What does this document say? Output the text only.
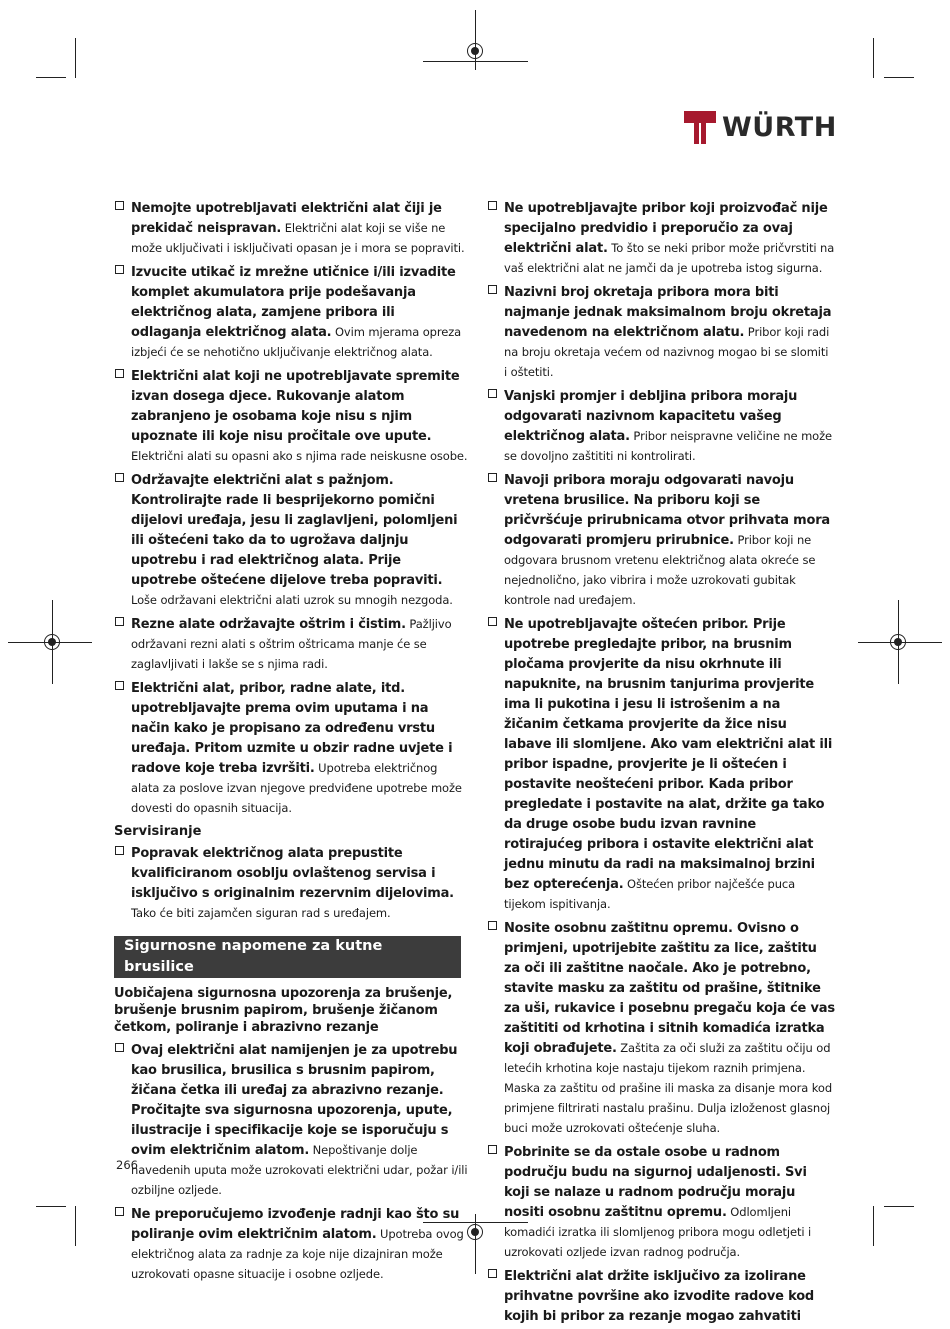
WÜRTH

Nemojte upotrebljavati električni alat čiji je prekidač neispravan. Električni alat koji se više ne može uključivati i isključivati opasan je i mora se popraviti.

Izvucite utikač iz mrežne utičnice i/ili izvadite komplet akumulatora prije podešavanja električnog alata, zamjene pribora ili odlaganja električnog alata. Ovim mjerama opreza izbjeći će se nehotično uključivanje električnog alata.

Električni alat koji ne upotrebljavate spremite izvan dosega djece. Rukovanje alatom zabranjeno je osobama koje nisu s njim upoznate ili koje nisu pročitale ove upute. Električni alati su opasni ako s njima rade neiskusne osobe.

Održavajte električni alat s pažnjom. Kontrolirajte rade li besprijekorno pomični dijelovi uređaja, jesu li zaglavljeni, polomljeni ili oštećeni tako da to ugrožava daljnju upotrebu i rad električnog alata. Prije upotrebe oštećene dijelove treba popraviti. Loše održavani električni alati uzrok su mnogih nezgoda.

Rezne alate održavajte oštrim i čistim. Pažljivo održavani rezni alati s oštrim oštricama manje će se zaglavljivati i lakše se s njima radi.

Električni alat, pribor, radne alate, itd. upotrebljavajte prema ovim uputama i na način kako je propisano za određenu vrstu uređaja. Pritom uzmite u obzir radne uvjete i radove koje treba izvršiti. Upotreba električnog alata za poslove izvan njegove predviđene upotrebe može dovesti do opasnih situacija.

Servisiranje

Popravak električnog alata prepustite kvalificiranom osoblju ovlaštenog servisa i isključivo s originalnim rezervnim dijelovima. Tako će biti zajamčen siguran rad s uređajem.

Sigurnosne napomene za kutne brusilice

Uobičajena sigurnosna upozorenja za brušenje, brušenje brusnim papirom, brušenje žičanom četkom, poliranje i abrazivno rezanje

Ovaj električni alat namijenjen je za upotrebu kao brusilica, brusilica s brusnim papirom, žičana četka ili uređaj za abrazivno rezanje. Pročitajte sva sigurnosna upozorenja, upute, ilustracije i specifikacije koje se isporučuju s ovim električnim alatom. Nepoštivanje dolje navedenih uputa može uzrokovati električni udar, požar i/ili ozbiljne ozljede.

Ne preporučujemo izvođenje radnji kao što su poliranje ovim električnim alatom. Upotreba ovog električnog alata za radnje za koje nije dizajniran može uzrokovati opasne situacije i osobne ozljede.

Ne upotrebljavajte pribor koji proizvođač nije specijalno predvidio i preporučio za ovaj električni alat. To što se neki pribor može pričvrstiti na vaš električni alat ne jamči da je upotreba istog sigurna.

Nazivni broj okretaja pribora mora biti najmanje jednak maksimalnom broju okretaja navedenom na električnom alatu. Pribor koji radi na broju okretaja većem od nazivnog mogao bi se slomiti i oštetiti.

Vanjski promjer i debljina pribora moraju odgovarati nazivnom kapacitetu vašeg električnog alata. Pribor neispravne veličine ne može se dovoljno zaštititi ni kontrolirati.

Navoji pribora moraju odgovarati navoju vretena brusilice. Na priboru koji se pričvršćuje prirubnicama otvor prihvata mora odgovarati promjeru prirubnice. Pribor koji ne odgovara brusnom vretenu električnog alata okreće se nejednolično, jako vibrira i može uzrokovati gubitak kontrole nad uređajem.

Ne upotrebljavajte oštećen pribor. Prije upotrebe pregledajte pribor, na brusnim pločama provjerite da nisu okrhnute ili napuknite, na brusnim tanjurima provjerite ima li pukotina i jesu li istrošenim a na žičanim četkama provjerite da žice nisu labave ili slomljene. Ako vam električni alat ili pribor ispadne, provjerite je li oštećen i postavite neoštećeni pribor. Kada pribor pregledate i postavite na alat, držite ga tako da druge osobe budu izvan ravnine rotirajućeg pribora i ostavite električni alat jednu minutu da radi na maksimalnoj brzini bez opterećenja. Oštećen pribor najčešće puca tijekom ispitivanja.

Nosite osobnu zaštitnu opremu. Ovisno o primjeni, upotrijebite zaštitu za lice, zaštitu za oči ili zaštitne naočale. Ako je potrebno, stavite masku za zaštitu od prašine, štitnike za uši, rukavice i posebnu pregaču koja će vas zaštititi od krhotina i sitnih komadića izratka koji obrađujete. Zaštita za oči služi za zaštitu očiju od letećih krhotina koje nastaju tijekom raznih primjena. Maska za zaštitu od prašine ili maska za disanje mora kod primjene filtrirati nastalu prašinu. Dulja izloženost glasnoj buci može uzrokovati oštećenje sluha.

Pobrinite se da ostale osobe u radnom području budu na sigurnoj udaljenosti. Svi koji se nalaze u radnom području moraju nositi osobnu zaštitnu opremu. Odlomljeni komadići izratka ili slomljenog pribora mogu odletjeti i uzrokovati ozljede izvan radnog područja.

Električni alat držite isključivo za izolirane prihvatne površine ako izvodite radove kod kojih bi pribor za rezanje mogao zahvatiti

266
